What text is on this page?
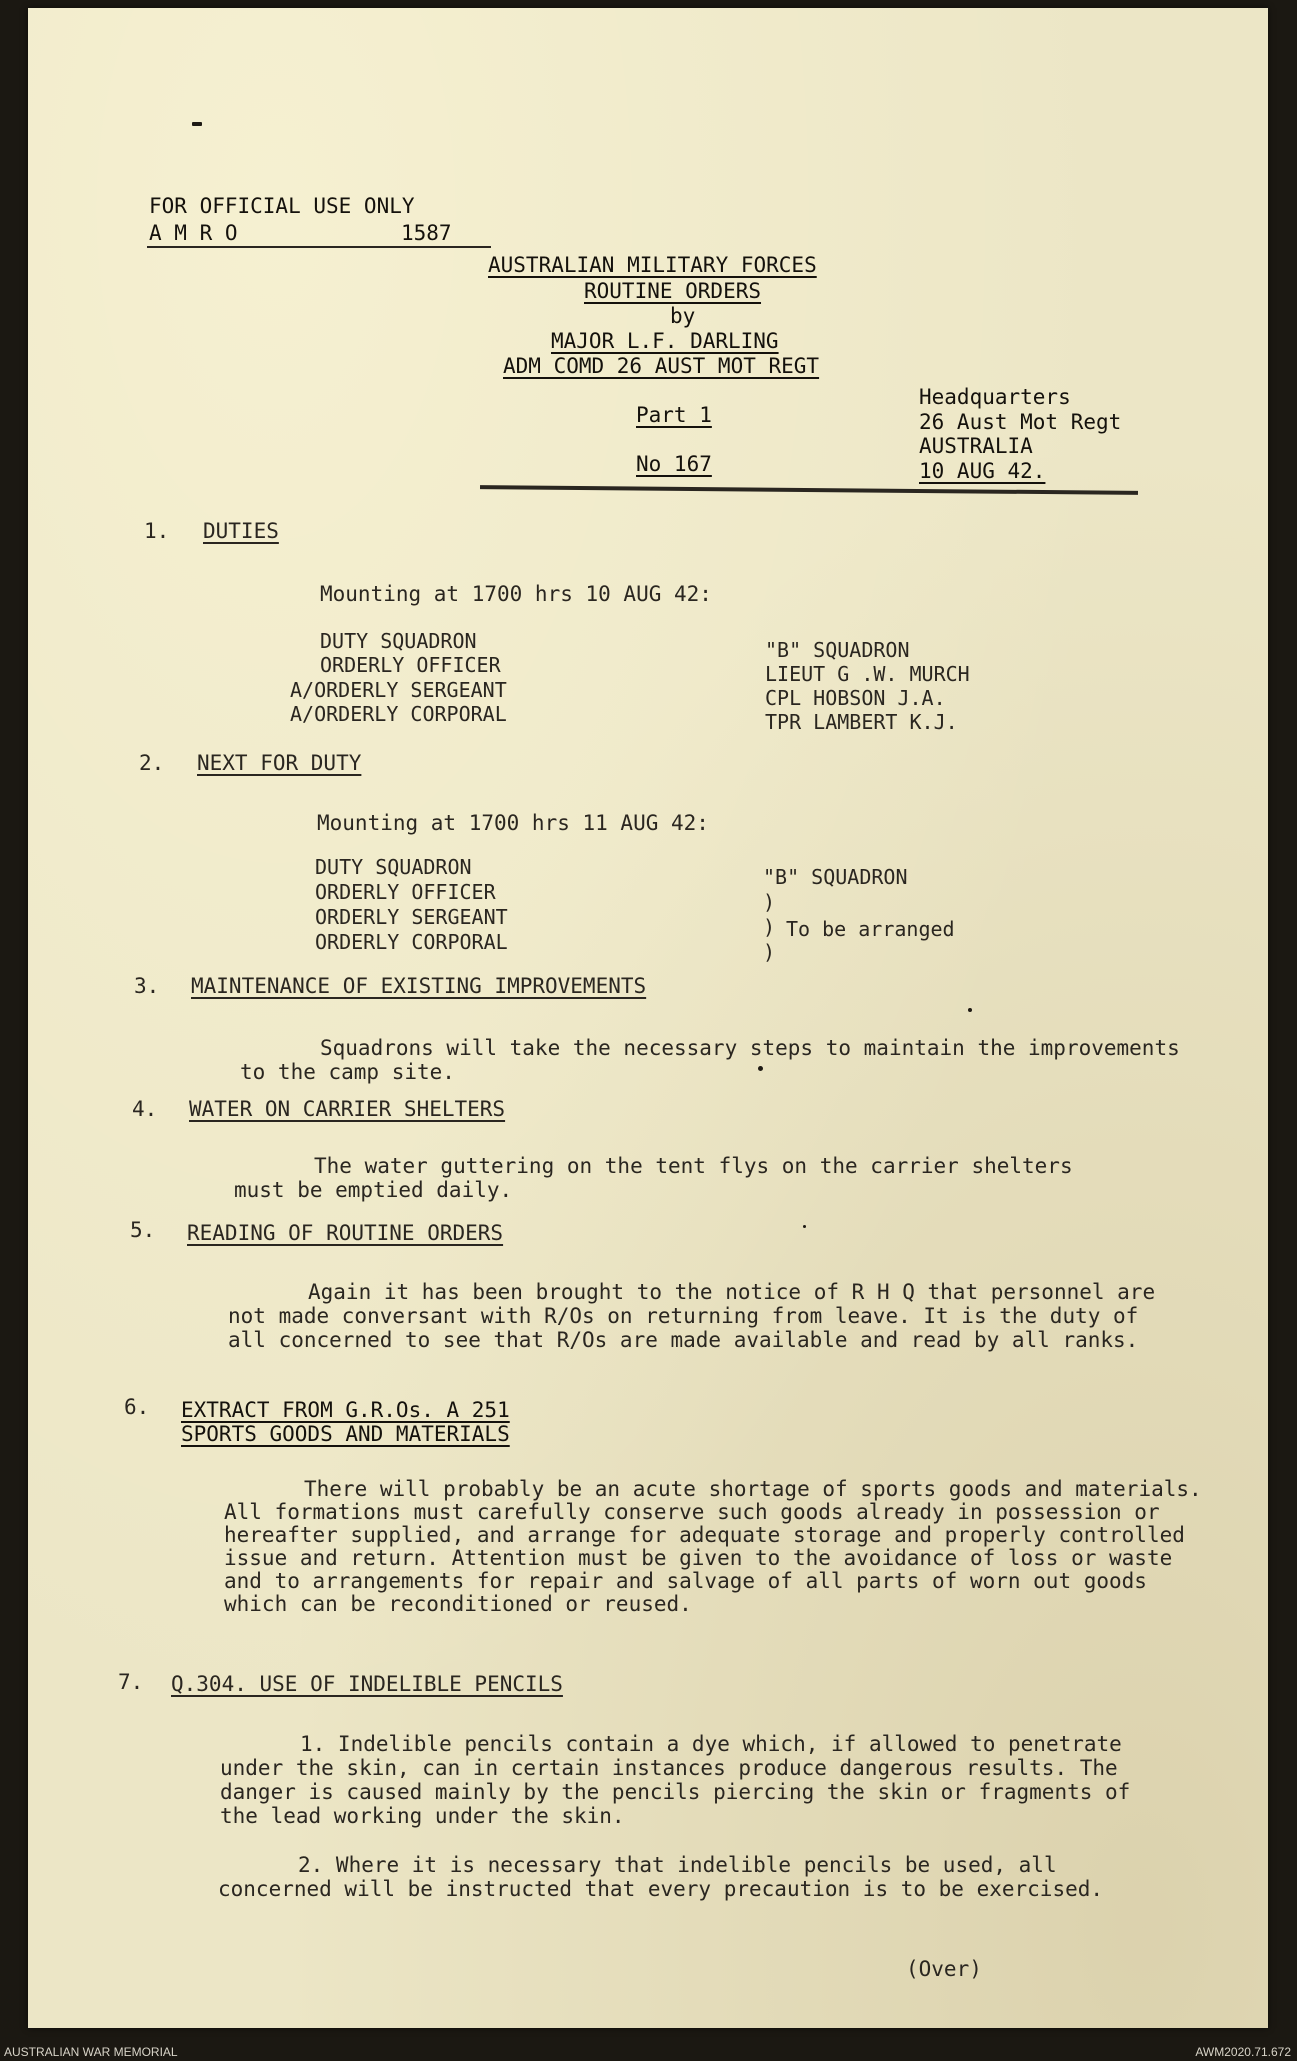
FOR OFFICIAL USE ONLY
A M R O	1587
AUSTRALIAN MILITARY FORCES
ROUTINE ORDERS
by
MAJOR L.F. DARLING
ADM COMD 26 AUST MOT REGT
Part 1
No 167
Headquarters
26 Aust Mot Regt
AUSTRALIA
10 AUG 42.
1. DUTIES
Mounting at 1700 hrs 10 AUG 42:
DUTY SQUADRON
ORDERLY OFFICER
A/ORDERLY SERGEANT
A/ORDERLY CORPORAL
"B" SQUADRON
LIEUT G .W. MURCH
CPL HOBSON J.A.
TPR LAMBERT K.J.
2. NEXT FOR DUTY
Mounting at 1700 hrs 11 AUG 42:
DUTY SQUADRON
ORDERLY OFFICER
ORDERLY SERGEANT
ORDERLY CORPORAL
"B" SQUADRON
)
)
)
To be arranged
3. MAINTENANCE OF EXISTING IMPROVEMENTS
Squadrons will take the necessary steps to maintain the improvements to the camp site.
4. WATER ON CARRIER SHELTERS
The water guttering on the tent flys on the carrier shelters must be emptied daily.
5. READING OF ROUTINE ORDERS
Again it has been brought to the notice of R H Q that personnel are not made conversant with R/Os on returning from leave. It is the duty of all concerned to see that R/Os are made available and read by all ranks.
6. EXTRACT FROM G.R.Os. A 251
SPORTS GOODS AND MATERIALS
There will probably be an acute shortage of sports goods and materials. All formations must carefully conserve such goods already in possession or hereafter supplied, and arrange for adequate storage and properly controlled issue and return. Attention must be given to the avoidance of loss or waste and to arrangements for repair and salvage of all parts of worn out goods which can be reconditioned or reused.
7. Q.304. USE OF INDELIBLE PENCILS
1. Indelible pencils contain a dye which, if allowed to penetrate under the skin, can in certain instances produce dangerous results. The danger is caused mainly by the pencils piercing the skin or fragments of the lead working under the skin.
2. Where it is necessary that indelible pencils be used, all concerned will be instructed that every precaution is to be exercised.
(Over)
AUSTRALIAN WAR MEMORIAL	AWM2020.71.672
